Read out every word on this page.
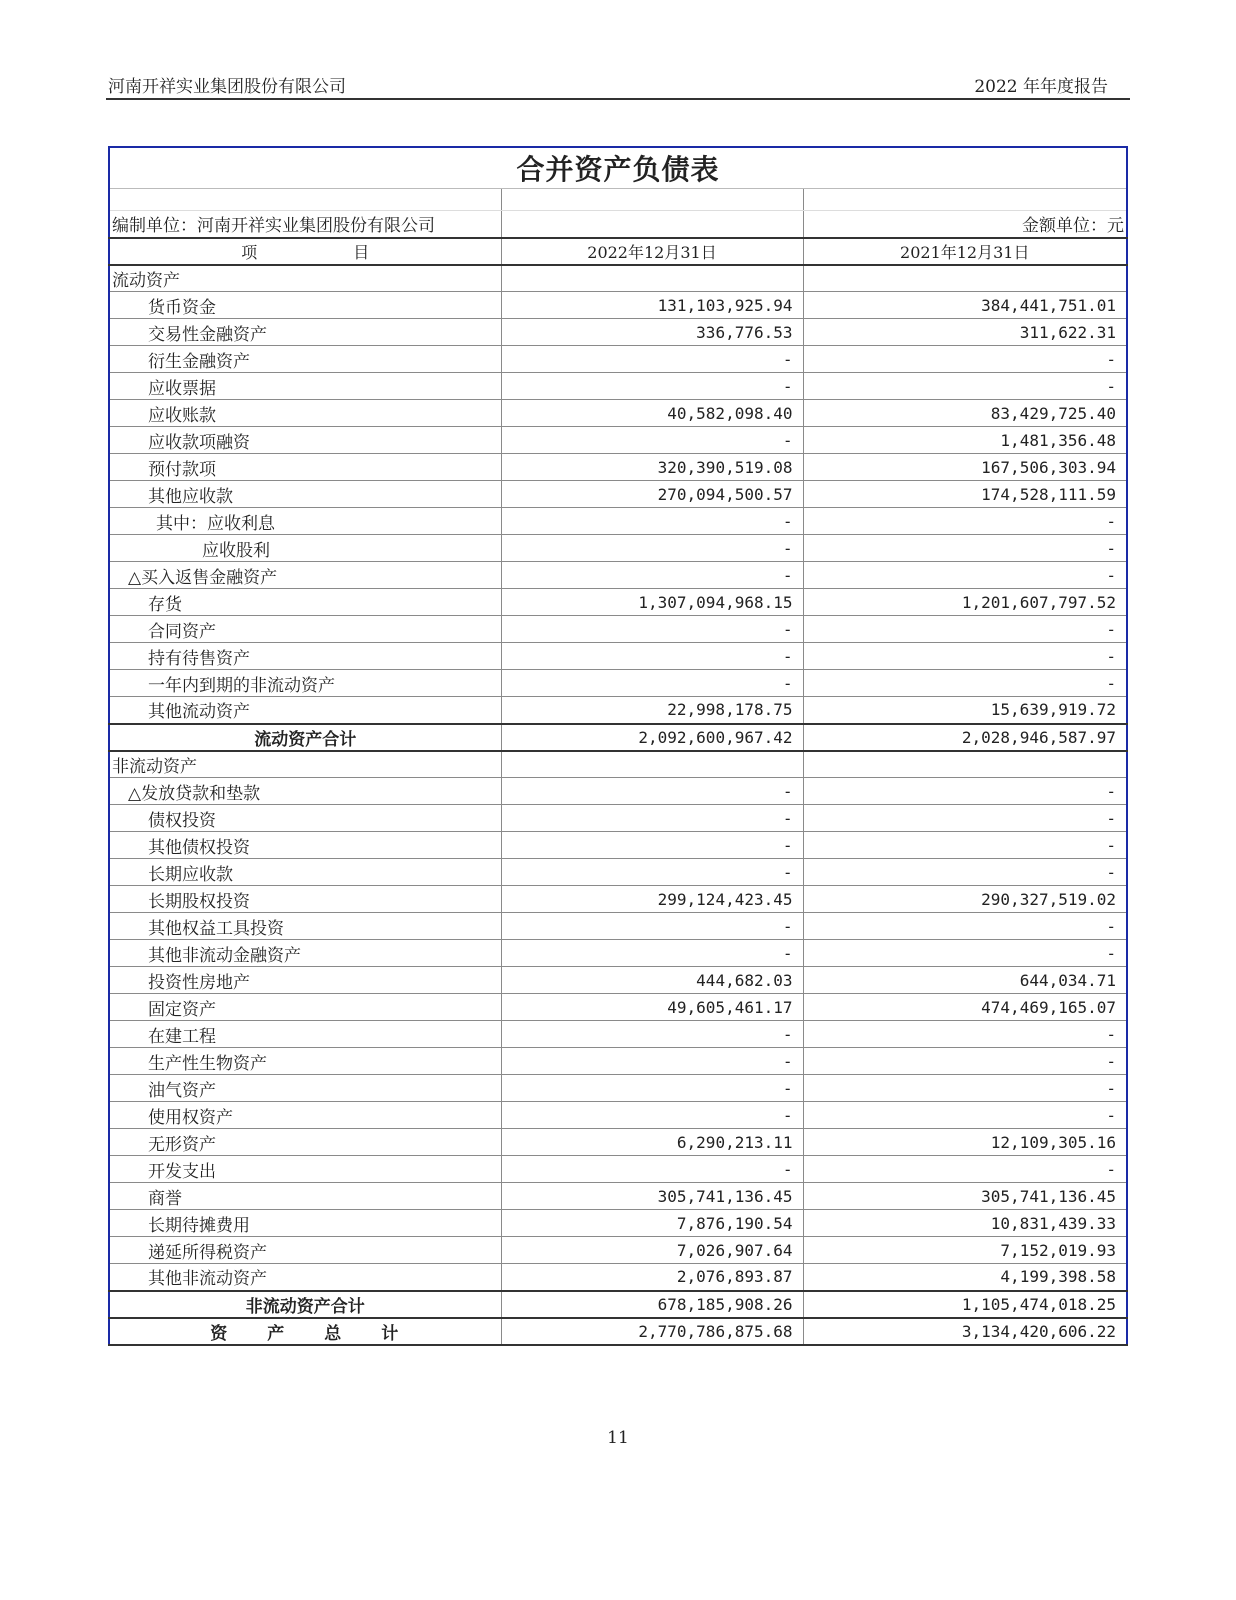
河南开祥实业集团股份有限公司	2022 年年度报告
合并资产负债表		

编制单位：河南开祥实业集团股份有限公司		金额单位：元
项　　　　　　目	2022年12月31日	2021年12月31日
流动资产		
货币资金	131,103,925.94	384,441,751.01
交易性金融资产	336,776.53	311,622.31
衍生金融资产	-	-
应收票据	-	-
应收账款	40,582,098.40	83,429,725.40
应收款项融资	-	1,481,356.48
预付款项	320,390,519.08	167,506,303.94
其他应收款	270,094,500.57	174,528,111.59
其中：应收利息	-	-
应收股利	-	-
△买入返售金融资产	-	-
存货	1,307,094,968.15	1,201,607,797.52
合同资产	-	-
持有待售资产	-	-
一年内到期的非流动资产	-	-
其他流动资产	22,998,178.75	15,639,919.72
流动资产合计	2,092,600,967.42	2,028,946,587.97
非流动资产		
△发放贷款和垫款	-	-
债权投资	-	-
其他债权投资	-	-
长期应收款	-	-
长期股权投资	299,124,423.45	290,327,519.02
其他权益工具投资	-	-
其他非流动金融资产	-	-
投资性房地产	444,682.03	644,034.71
固定资产	49,605,461.17	474,469,165.07
在建工程	-	-
生产性生物资产	-	-
油气资产	-	-
使用权资产	-	-
无形资产	6,290,213.11	12,109,305.16
开发支出	-	-
商誉	305,741,136.45	305,741,136.45
长期待摊费用	7,876,190.54	10,831,439.33
递延所得税资产	7,026,907.64	7,152,019.93
其他非流动资产	2,076,893.87	4,199,398.58
非流动资产合计	678,185,908.26	1,105,474,018.25
资　　产　　总　　计	2,770,786,875.68	3,134,420,606.22
11
